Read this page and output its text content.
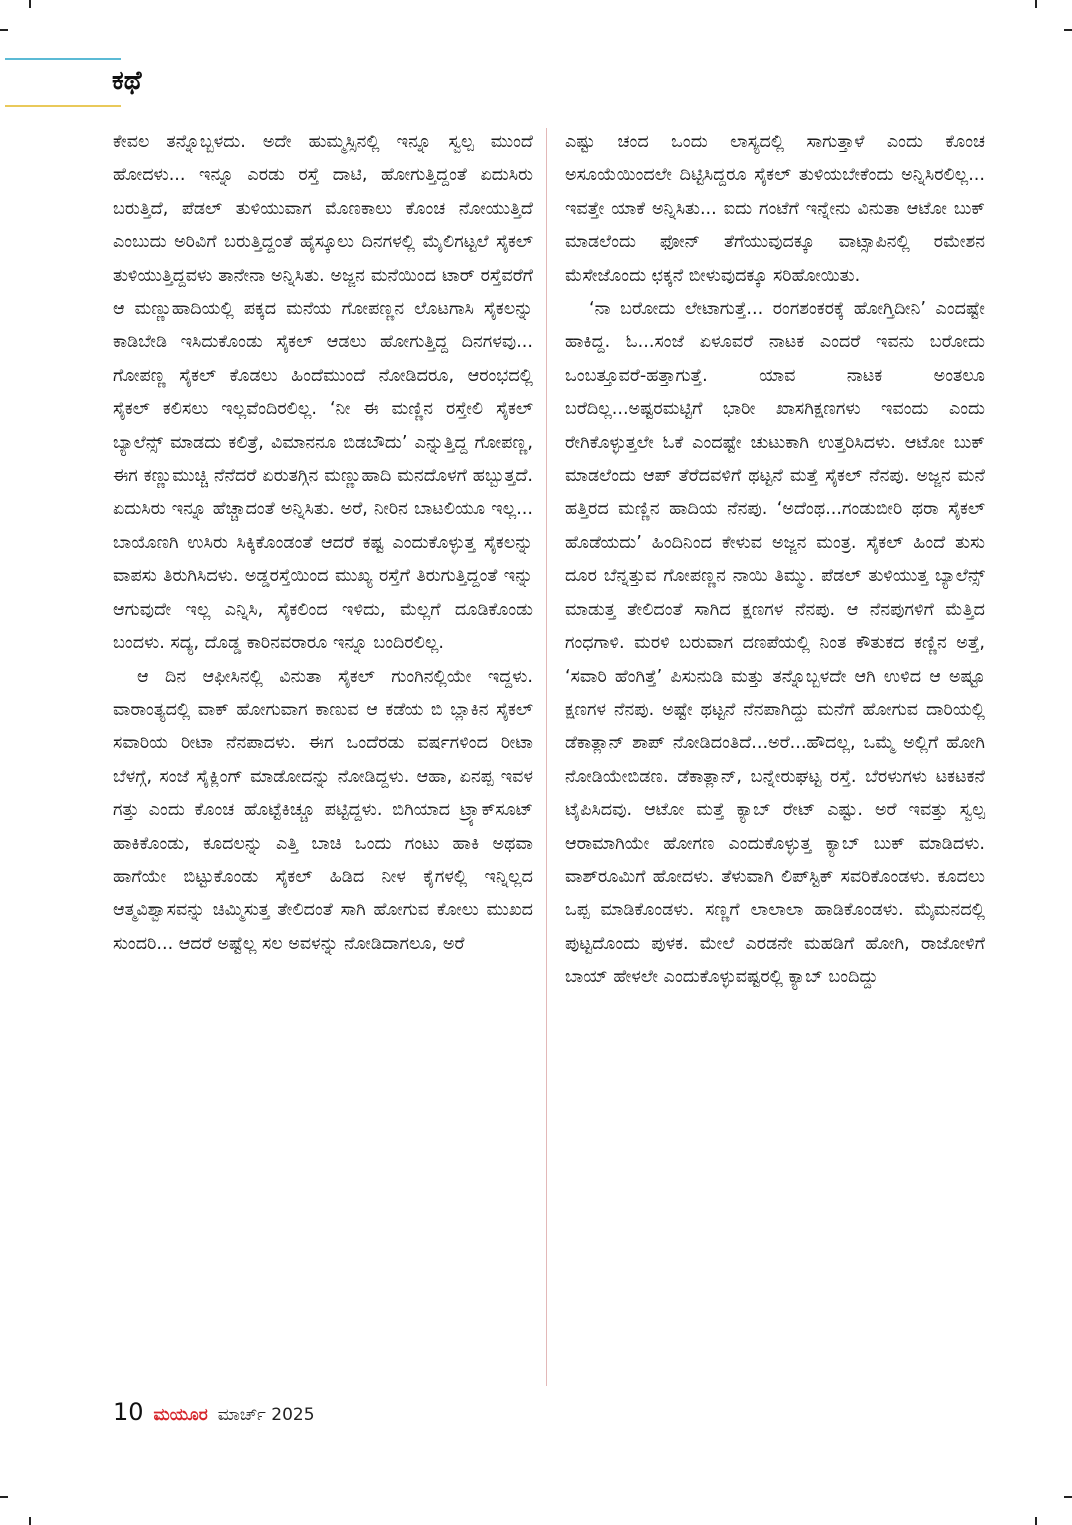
ಕಥೆ

ಕೇವಲ ತನ್ನೊಬ್ಬಳದು. ಅದೇ ಹುಮ್ಮಸ್ಸಿನಲ್ಲಿ ಇನ್ನೂ ಸ್ವಲ್ಪ ಮುಂದೆ ಹೋದಳು... ಇನ್ನೂ ಎರಡು ರಸ್ತೆ ದಾಟಿ, ಹೋಗುತ್ತಿದ್ದಂತೆ ಏದುಸಿರು ಬರುತ್ತಿದೆ, ಪೆಡಲ್ ತುಳಿಯುವಾಗ ಮೊಣಕಾಲು ಕೊಂಚ ನೋಯುತ್ತಿದೆ ಎಂಬುದು ಅರಿವಿಗೆ ಬರುತ್ತಿದ್ದಂತೆ ಹೈಸ್ಕೂಲು ದಿನಗಳಲ್ಲಿ ಮೈಲಿಗಟ್ಟಲೆ ಸೈಕಲ್ ತುಳಿಯುತ್ತಿದ್ದವಳು ತಾನೇನಾ ಅನ್ನಿಸಿತು. ಅಜ್ಜನ ಮನೆಯಿಂದ ಟಾರ್ ರಸ್ತೆವರೆಗೆ ಆ ಮಣ್ಣುಹಾದಿಯಲ್ಲಿ ಪಕ್ಕದ ಮನೆಯ ಗೋಪಣ್ಣನ ಲೊಟಗಾಸಿ ಸೈಕಲನ್ನು ಕಾಡಿಬೇಡಿ ಇಸಿದುಕೊಂಡು ಸೈಕಲ್ ಆಡಲು ಹೋಗುತ್ತಿದ್ದ ದಿನಗಳವು... ಗೋಪಣ್ಣ ಸೈಕಲ್ ಕೊಡಲು ಹಿಂದೆಮುಂದೆ ನೋಡಿದರೂ, ಆರಂಭದಲ್ಲಿ ಸೈಕಲ್ ಕಲಿಸಲು ಇಲ್ಲವೆಂದಿರಲಿಲ್ಲ. ‘ನೀ ಈ ಮಣ್ಣಿನ ರಸ್ತೇಲಿ ಸೈಕಲ್ ಬ್ಯಾಲೆನ್ಸ್ ಮಾಡದು ಕಲಿತ್ರೆ, ವಿಮಾನನೂ ಬಿಡಬೌದು’ ಎನ್ನುತ್ತಿದ್ದ ಗೋಪಣ್ಣ, ಈಗ ಕಣ್ಣುಮುಚ್ಚಿ ನೆನೆದರೆ ಏರುತಗ್ಗಿನ ಮಣ್ಣುಹಾದಿ ಮನದೊಳಗೆ ಹಬ್ಬುತ್ತದೆ. ಏದುಸಿರು ಇನ್ನೂ ಹೆಚ್ಚಾದಂತೆ ಅನ್ನಿಸಿತು. ಅರೆ, ನೀರಿನ ಬಾಟಲಿಯೂ ಇಲ್ಲ... ಬಾಯೊಣಗಿ ಉಸಿರು ಸಿಕ್ಕಿಕೊಂಡಂತೆ ಆದರೆ ಕಷ್ಟ ಎಂದುಕೊಳ್ಳುತ್ತ ಸೈಕಲನ್ನು ವಾಪಸು ತಿರುಗಿಸಿದಳು. ಅಡ್ಡರಸ್ತೆಯಿಂದ ಮುಖ್ಯ ರಸ್ತೆಗೆ ತಿರುಗುತ್ತಿದ್ದಂತೆ ಇನ್ನು ಆಗುವುದೇ ಇಲ್ಲ ಎನ್ನಿಸಿ, ಸೈಕಲಿಂದ ಇಳಿದು, ಮೆಲ್ಲಗೆ ದೂಡಿಕೊಂಡು ಬಂದಳು. ಸದ್ಯ, ದೊಡ್ಡ ಕಾರಿನವರಾರೂ ಇನ್ನೂ ಬಂದಿರಲಿಲ್ಲ.

ಆ ದಿನ ಆಫೀಸಿನಲ್ಲಿ ವಿನುತಾ ಸೈಕಲ್ ಗುಂಗಿನಲ್ಲಿಯೇ ಇದ್ದಳು. ವಾರಾಂತ್ಯದಲ್ಲಿ ವಾಕ್ ಹೋಗುವಾಗ ಕಾಣುವ ಆ ಕಡೆಯ ಬಿ ಬ್ಲಾಕಿನ ಸೈಕಲ್ ಸವಾರಿಯ ರೀಟಾ ನೆನಪಾದಳು. ಈಗ ಒಂದೆರಡು ವರ್ಷಗಳಿಂದ ರೀಟಾ ಬೆಳಗ್ಗೆ, ಸಂಜೆ ಸೈಕ್ಲಿಂಗ್ ಮಾಡೋದನ್ನು ನೋಡಿದ್ದಳು. ಆಹಾ, ಏನಪ್ಪ ಇವಳ ಗತ್ತು ಎಂದು ಕೊಂಚ ಹೊಟ್ಟೆಕಿಚ್ಚೂ ಪಟ್ಟಿದ್ದಳು. ಬಿಗಿಯಾದ ಟ್ರ್ಯಾಕ್‌ಸೂಟ್ ಹಾಕಿಕೊಂಡು, ಕೂದಲನ್ನು ಎತ್ತಿ ಬಾಚಿ ಒಂದು ಗಂಟು ಹಾಕಿ ಅಥವಾ ಹಾಗೆಯೇ ಬಿಟ್ಟುಕೊಂಡು ಸೈಕಲ್ ಹಿಡಿದ ನೀಳ ಕೈಗಳಲ್ಲಿ ಇನ್ನಿಲ್ಲದ ಆತ್ಮವಿಶ್ವಾಸವನ್ನು ಚಿಮ್ಮಿಸುತ್ತ ತೇಲಿದಂತೆ ಸಾಗಿ ಹೋಗುವ ಕೋಲು ಮುಖದ ಸುಂದರಿ... ಆದರೆ ಅಷ್ಟೆಲ್ಲ ಸಲ ಅವಳನ್ನು ನೋಡಿದಾಗಲೂ, ಅರೆ

ಎಷ್ಟು ಚಂದ ಒಂದು ಲಾಸ್ಯದಲ್ಲಿ ಸಾಗುತ್ತಾಳೆ ಎಂದು ಕೊಂಚ ಅಸೂಯೆಯಿಂದಲೇ ದಿಟ್ಟಿಸಿದ್ದರೂ ಸೈಕಲ್ ತುಳಿಯಬೇಕೆಂದು ಅನ್ನಿಸಿರಲಿಲ್ಲ... ಇವತ್ತೇ ಯಾಕೆ ಅನ್ನಿಸಿತು... ಐದು ಗಂಟೆಗೆ ಇನ್ನೇನು ವಿನುತಾ ಆಟೋ ಬುಕ್ ಮಾಡಲೆಂದು ಫೋನ್ ತೆಗೆಯುವುದಕ್ಕೂ ವಾಟ್ಸಾಪಿನಲ್ಲಿ ರಮೇಶನ ಮೆಸೇಜೊಂದು ಛಕ್ಕನೆ ಬೀಳುವುದಕ್ಕೂ ಸರಿಹೋಯಿತು.

‘ನಾ ಬರೋದು ಲೇಟಾಗುತ್ತೆ... ರಂಗಶಂಕರಕ್ಕೆ ಹೋಗ್ತಿದೀನಿ’ ಎಂದಷ್ಟೇ ಹಾಕಿದ್ದ. ಓ...ಸಂಜೆ ಏಳೂವರೆ ನಾಟಕ ಎಂದರೆ ಇವನು ಬರೋದು ಒಂಬತ್ತೂವರೆ-ಹತ್ತಾಗುತ್ತೆ. ಯಾವ ನಾಟಕ ಅಂತಲೂ ಬರೆದಿಲ್ಲ...ಅಷ್ಟರಮಟ್ಟಿಗೆ ಭಾರೀ ಖಾಸಗಿಕ್ಷಣಗಳು ಇವಂದು ಎಂದು ರೇಗಿಕೊಳ್ಳುತ್ತಲೇ ಓಕೆ ಎಂದಷ್ಟೇ ಚುಟುಕಾಗಿ ಉತ್ತರಿಸಿದಳು. ಆಟೋ ಬುಕ್ ಮಾಡಲೆಂದು ಆಪ್ ತೆರೆದವಳಿಗೆ ಥಟ್ಟನೆ ಮತ್ತೆ ಸೈಕಲ್ ನೆನಪು. ಅಜ್ಜನ ಮನೆ ಹತ್ತಿರದ ಮಣ್ಣಿನ ಹಾದಿಯ ನೆನಪು. ‘ಅದೆಂಥ...ಗಂಡುಬೀರಿ ಥರಾ ಸೈಕಲ್ ಹೊಡೆಯದು’ ಹಿಂದಿನಿಂದ ಕೇಳುವ ಅಜ್ಜನ ಮಂತ್ರ. ಸೈಕಲ್ ಹಿಂದೆ ತುಸು ದೂರ ಬೆನ್ನತ್ತುವ ಗೋಪಣ್ಣನ ನಾಯಿ ತಿಮ್ಮು. ಪೆಡಲ್ ತುಳಿಯುತ್ತ ಬ್ಯಾಲೆನ್ಸ್ ಮಾಡುತ್ತ ತೇಲಿದಂತೆ ಸಾಗಿದ ಕ್ಷಣಗಳ ನೆನಪು. ಆ ನೆನಪುಗಳಿಗೆ ಮೆತ್ತಿದ ಗಂಧಗಾಳಿ. ಮರಳಿ ಬರುವಾಗ ದಣಪೆಯಲ್ಲಿ ನಿಂತ ಕೌತುಕದ ಕಣ್ಣಿನ ಅತ್ತೆ, ‘ಸವಾರಿ ಹೆಂಗಿತ್ತೆ’ ಪಿಸುನುಡಿ ಮತ್ತು ತನ್ನೊಬ್ಬಳದೇ ಆಗಿ ಉಳಿದ ಆ ಅಷ್ಟೂ ಕ್ಷಣಗಳ ನೆನಪು. ಅಷ್ಟೇ ಥಟ್ಟನೆ ನೆನಪಾಗಿದ್ದು ಮನೆಗೆ ಹೋಗುವ ದಾರಿಯಲ್ಲಿ ಡೆಕಾತ್ಲಾನ್ ಶಾಪ್ ನೋಡಿದಂತಿದೆ...ಅರೆ...ಹೌದಲ್ಲ, ಒಮ್ಮೆ ಅಲ್ಲಿಗೆ ಹೋಗಿ ನೋಡಿಯೇಬಿಡಣ. ಡೆಕಾತ್ಲಾನ್, ಬನ್ನೇರುಘಟ್ಟ ರಸ್ತೆ. ಬೆರಳುಗಳು ಟಕಟಕನೆ ಟೈಪಿಸಿದವು. ಆಟೋ ಮತ್ತೆ ಕ್ಯಾಬ್ ರೇಟ್ ಎಷ್ಟು. ಅರೆ ಇವತ್ತು ಸ್ವಲ್ಪ ಆರಾಮಾಗಿಯೇ ಹೋಗಣ ಎಂದುಕೊಳ್ಳುತ್ತ ಕ್ಯಾಬ್ ಬುಕ್ ಮಾಡಿದಳು. ವಾಶ್‌ರೂಮಿಗೆ ಹೋದಳು. ತೆಳುವಾಗಿ ಲಿಪ್‌ಸ್ಟಿಕ್ ಸವರಿಕೊಂಡಳು. ಕೂದಲು ಒಪ್ಪ ಮಾಡಿಕೊಂಡಳು. ಸಣ್ಣಗೆ ಲಾಲಾಲಾ ಹಾಡಿಕೊಂಡಳು. ಮೈಮನದಲ್ಲಿ ಪುಟ್ಟದೊಂದು ಪುಳಕ. ಮೇಲೆ ಎರಡನೇ ಮಹಡಿಗೆ ಹೋಗಿ, ರಾಜೋಳಿಗೆ ಬಾಯ್ ಹೇಳಲೇ ಎಂದುಕೊಳ್ಳುವಷ್ಟರಲ್ಲಿ ಕ್ಯಾಬ್ ಬಂದಿದ್ದು

10 ಮಯೂರ ಮಾರ್ಚ್ 2025
